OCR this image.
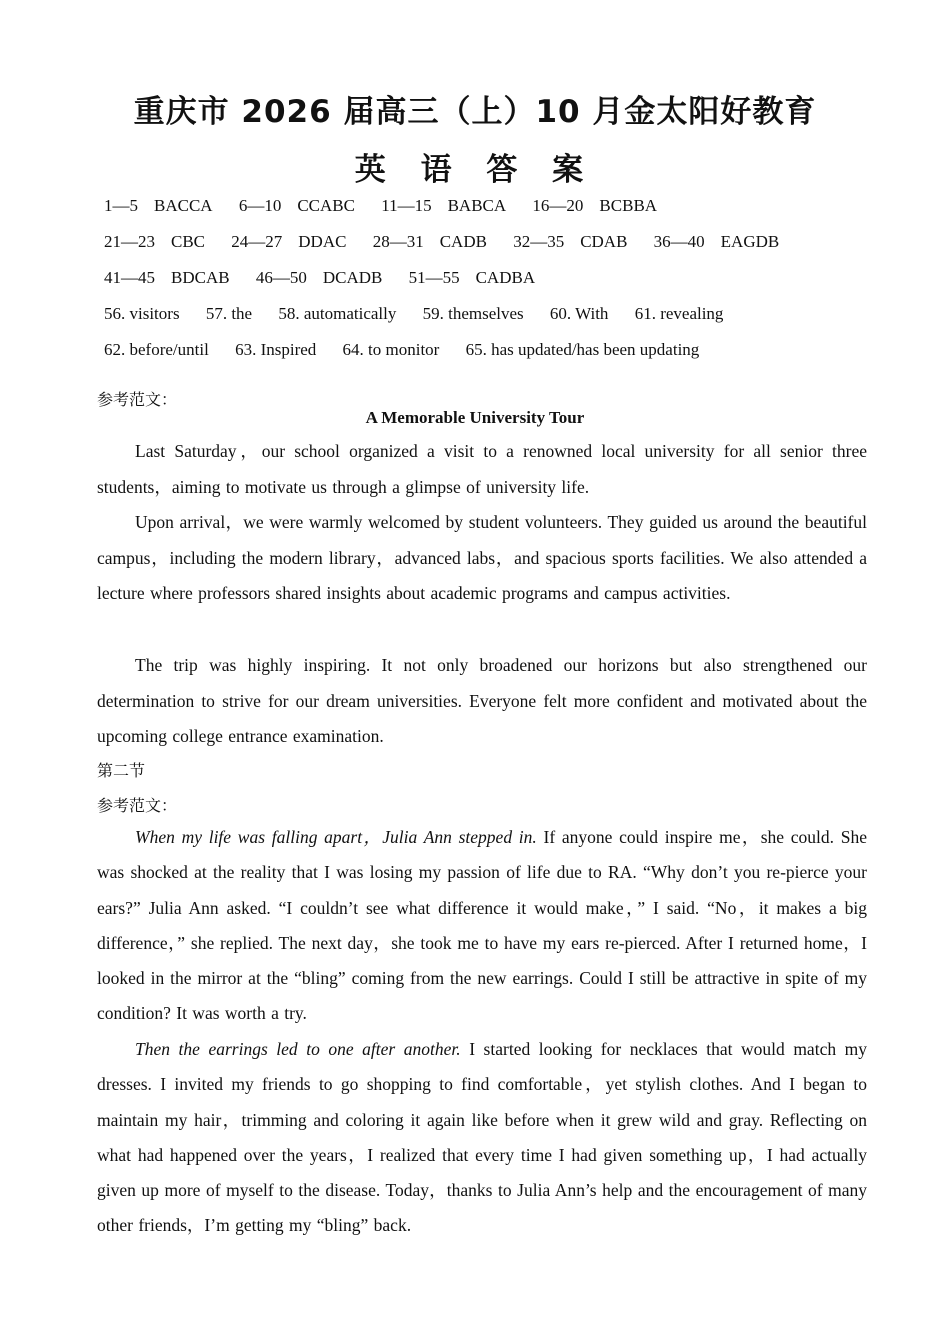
重庆市 2026 届高三（上）10 月金太阳好教育
英 语 答 案
1—5 BACCA 6—10 CCABC 11—15 BABCA 16—20 BCBBA
21—23 CBC 24—27 DDAC 28—31 CADB 32—35 CDAB 36—40 EAGDB
41—45 BDCAB 46—50 DCADB 51—55 CADBA
56. visitors 57. the 58. automatically 59. themselves 60. With 61. revealing
62. before/until 63. Inspired 64. to monitor 65. has updated/has been updating
参考范文：
A Memorable University Tour
Last Saturday，our school organized a visit to a renowned local university for all senior three students，aiming to motivate us through a glimpse of university life.
Upon arrival，we were warmly welcomed by student volunteers. They guided us around the beautiful campus，including the modern library，advanced labs，and spacious sports facilities. We also attended a lecture where professors shared insights about academic programs and campus activities.
The trip was highly inspiring. It not only broadened our horizons but also strengthened our determination to strive for our dream universities. Everyone felt more confident and motivated about the upcoming college entrance examination.
第二节
参考范文：
When my life was falling apart，Julia Ann stepped in. If anyone could inspire me，she could. She was shocked at the reality that I was losing my passion of life due to RA. “Why don’t you re-pierce your ears?” Julia Ann asked. “I couldn’t see what difference it would make，” I said. “No，it makes a big difference，” she replied. The next day，she took me to have my ears re-pierced. After I returned home，I looked in the mirror at the “bling” coming from the new earrings. Could I still be attractive in spite of my condition? It was worth a try.
Then the earrings led to one after another. I started looking for necklaces that would match my dresses. I invited my friends to go shopping to find comfortable，yet stylish clothes. And I began to maintain my hair，trimming and coloring it again like before when it grew wild and gray. Reflecting on what had happened over the years，I realized that every time I had given something up，I had actually given up more of myself to the disease. Today，thanks to Julia Ann’s help and the encouragement of many other friends，I’m getting my “bling” back.
